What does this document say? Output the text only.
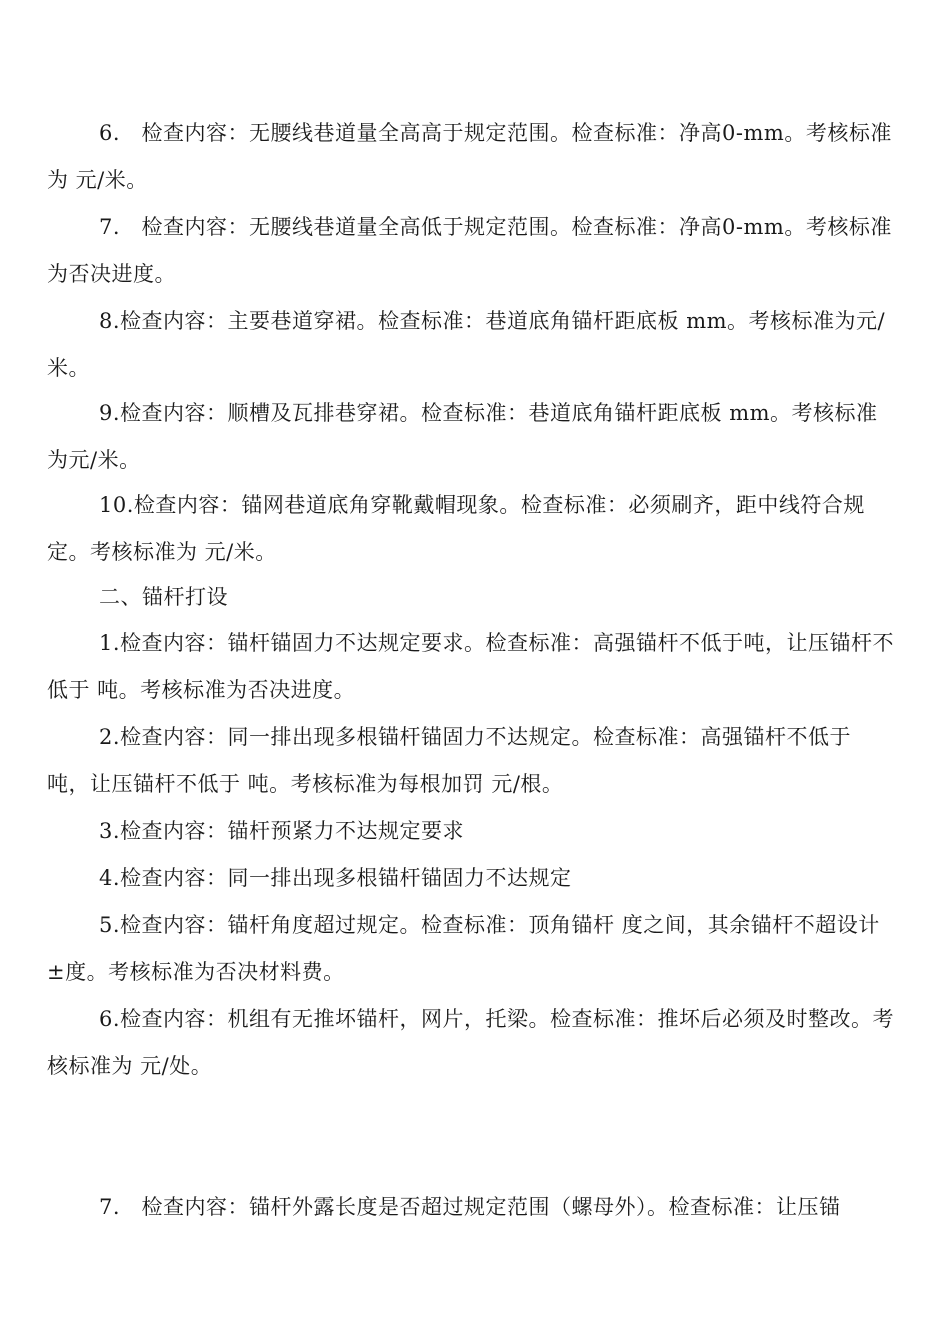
6.　检查内容：无腰线巷道量全高高于规定范围。检查标准：净高0-mm。考核标准为 元/米。

7.　检查内容：无腰线巷道量全高低于规定范围。检查标准：净高0-mm。考核标准为否决进度。

8.检查内容：主要巷道穿裙。检查标准：巷道底角锚杆距底板 mm。考核标准为元/米。

9.检查内容：顺槽及瓦排巷穿裙。检查标准：巷道底角锚杆距底板 mm。考核标准为元/米。

10.检查内容：锚网巷道底角穿靴戴帽现象。检查标准：必须刷齐，距中线符合规定。考核标准为 元/米。

二、锚杆打设

1.检查内容：锚杆锚固力不达规定要求。检查标准：高强锚杆不低于吨，让压锚杆不低于 吨。考核标准为否决进度。

2.检查内容：同一排出现多根锚杆锚固力不达规定。检查标准：高强锚杆不低于 吨，让压锚杆不低于 吨。考核标准为每根加罚 元/根。

3.检查内容：锚杆预紧力不达规定要求

4.检查内容：同一排出现多根锚杆锚固力不达规定

5.检查内容：锚杆角度超过规定。检查标准：顶角锚杆 度之间，其余锚杆不超设计±度。考核标准为否决材料费。

6.检查内容：机组有无推坏锚杆，网片，托梁。检查标准：推坏后必须及时整改。考核标准为 元/处。

7.　检查内容：锚杆外露长度是否超过规定范围（螺母外）。检查标准：让压锚
